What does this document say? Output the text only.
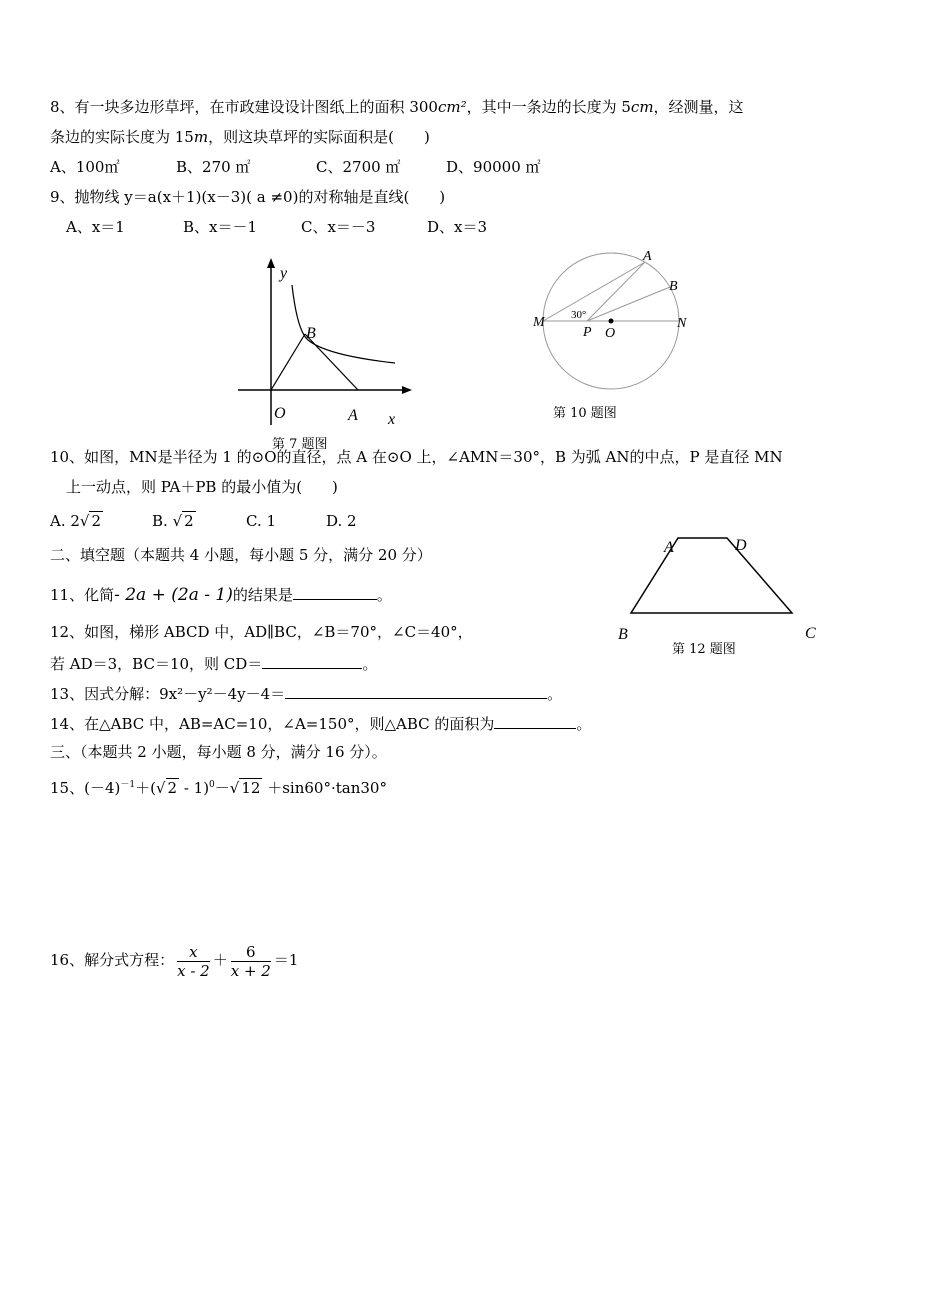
8、有一块多边形草坪，在市政建设设计图纸上的面积 300cm²，其中一条边的长度为 5cm，经测量，这
条边的实际长度为 15m，则这块草坪的实际面积是(　　)
A、100㎡	B、270 ㎡	C、2700 ㎡	D、90000 ㎡
9、抛物线 y＝a(x＋1)(x－3)( a ≠0)的对称轴是直线(　　)
A、x＝1	B、x＝－1	C、x＝－3	D、x＝3
y
x
O	A
B
第 7 题图
A
B
M	N
P O
30°
第 10 题图
10、如图，MN是半径为 1 的⊙O的直径，点 A 在⊙O 上，∠AMN＝30°，B 为弧 AN的中点，P 是直径 MN
上一动点，则 PA＋PB 的最小值为(　　)
A. 2√ 2	B. √ 2	C. 1	D. 2
二、填空题（本题共 4 小题，每小题 5 分，满分 20 分）
11、化简- 2a + (2a - 1)的结果是	。
A	D
B	C
第 12 题图
12、如图，梯形 ABCD 中，AD∥BC，∠B＝70°，∠C＝40°，
若 AD＝3，BC＝10，则 CD＝	。
13、因式分解：9x²－y²－4y－4＝	。
14、在△ABC 中，AB=AC=10，∠A=150°，则△ABC 的面积为	。
三、（本题共 2 小题，每小题 8 分，满分 16 分）。
15、$(-4)^{-1}+(√$ 2 - 1)$^0$－√ 12 ＋sin60°·tan30°
16、解分式方程： $\frac{x}{x - 2} + \frac{6}{x + 2} =1$
